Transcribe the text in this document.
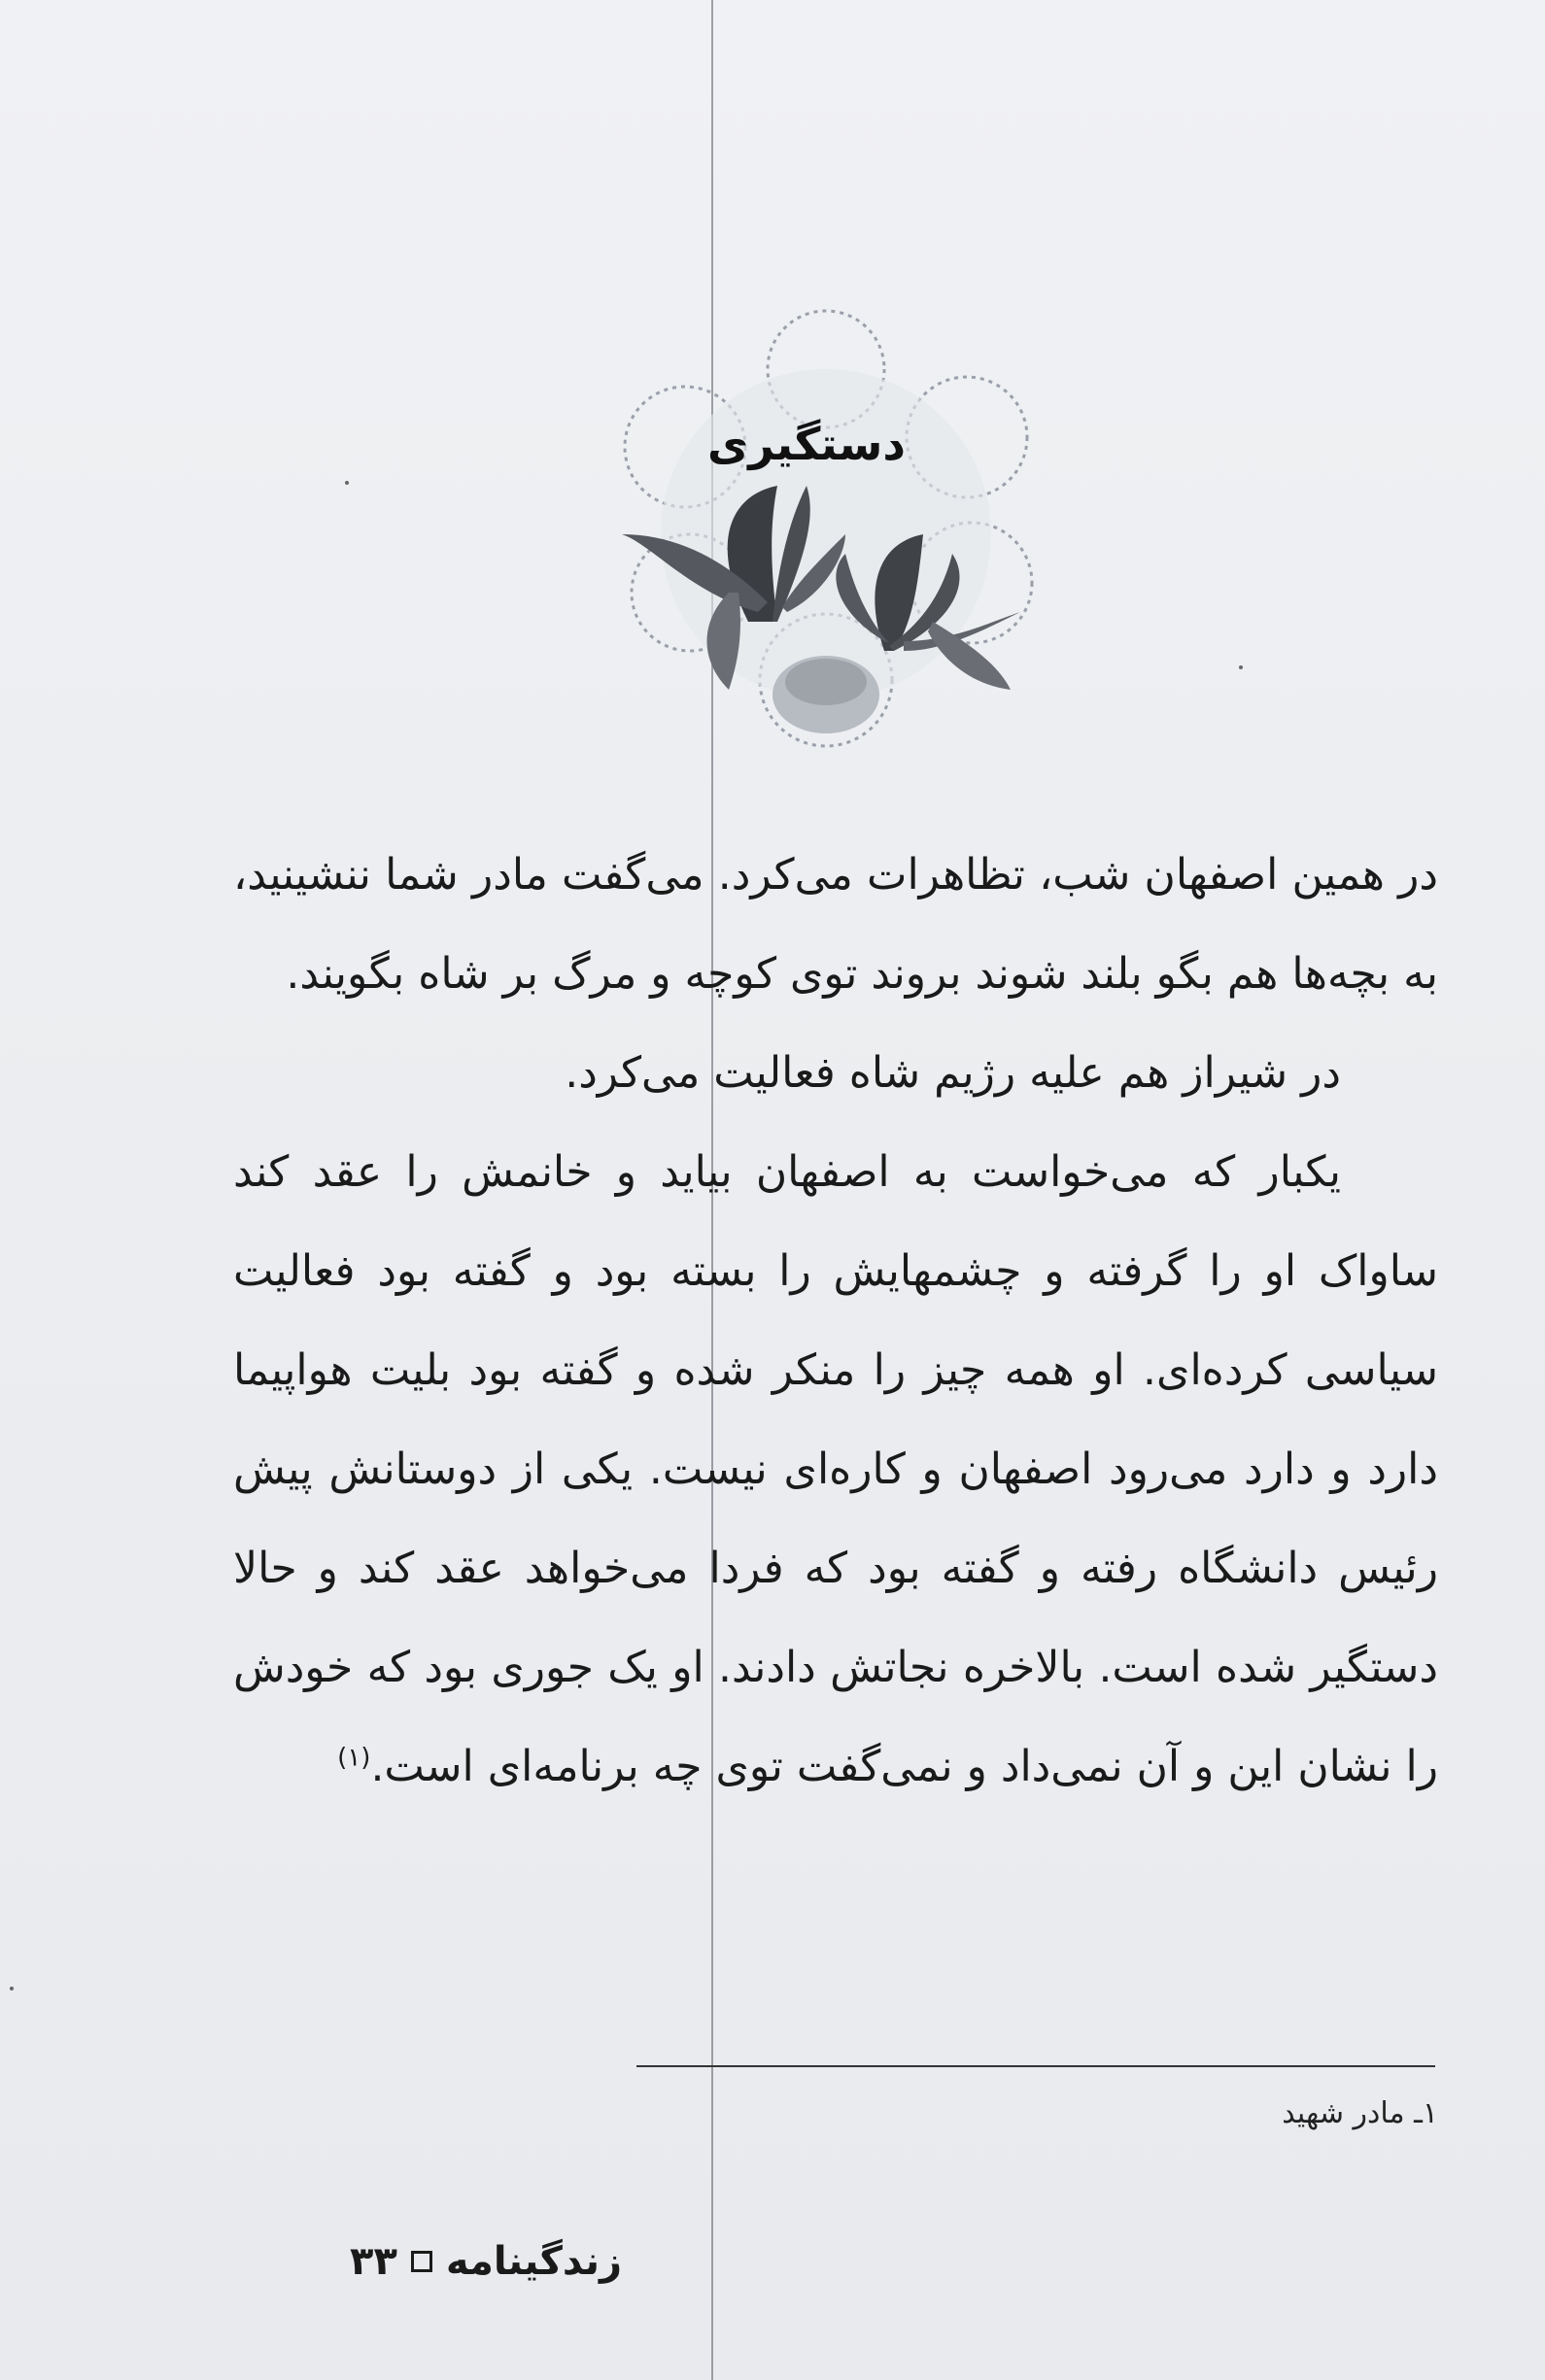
دستگیری

در همین اصفهان شب، تظاهرات می‌کرد. می‌گفت مادر شما ننشینید، به بچه‌ها هم بگو بلند شوند بروند توی کوچه و مرگ بر شاه بگویند.

در شیراز هم علیه رژیم شاه فعالیت می‌کرد.

یکبار که می‌خواست به اصفهان بیاید و خانمش را عقد کند ساواک او را گرفته و چشمهایش را بسته بود و گفته بود فعالیت سیاسی کرده‌ای. او همه چیز را منکر شده و گفته بود بلیت هواپیما دارد و دارد می‌رود اصفهان و کاره‌ای نیست. یکی از دوستانش پیش رئیس دانشگاه رفته و گفته بود که فردا می‌خواهد عقد کند و حالا دستگیر شده است. بالاخره نجاتش دادند. او یک جوری بود که خودش را نشان این و آن نمی‌داد و نمی‌گفت توی چه برنامه‌ای است.$^{(۱)}$

۱ـ مادر شهید
زندگینامه
۳۳
